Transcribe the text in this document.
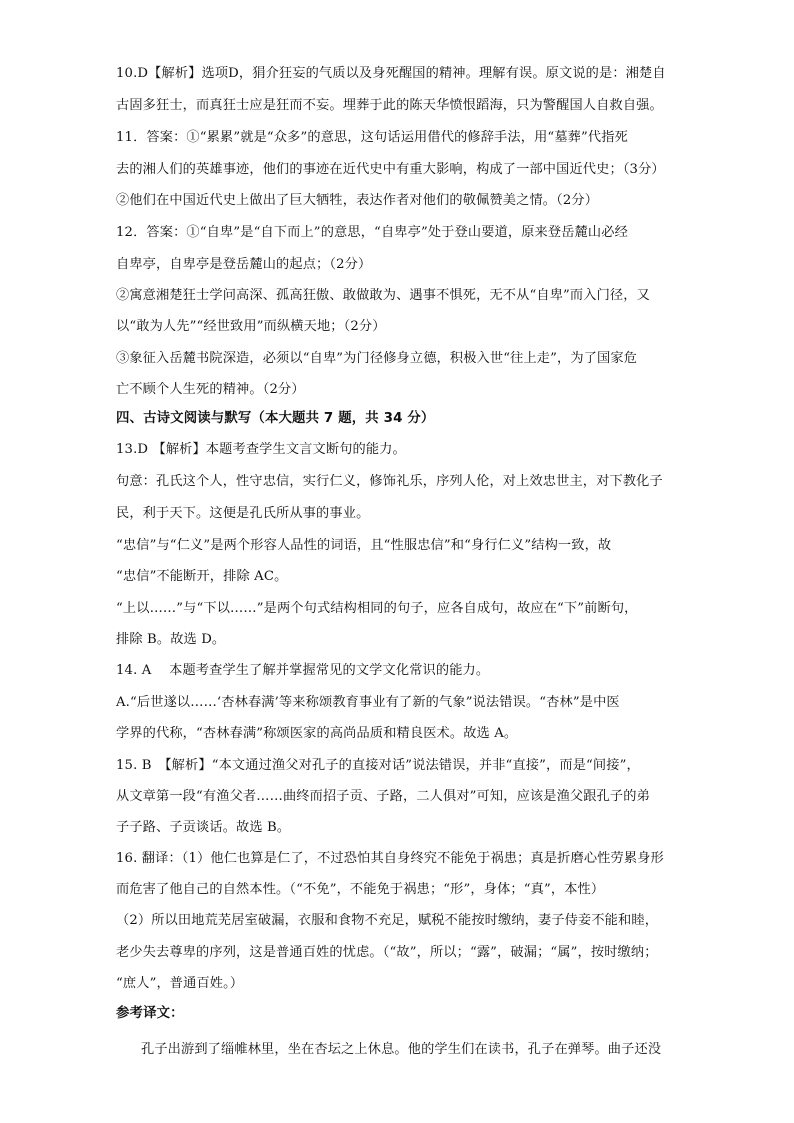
10.D【解析】选项D，狷介狂妄的气质以及身死醒国的精神。理解有误。原文说的是：湘楚自
古固多狂士，而真狂士应是狂而不妄。埋葬于此的陈天华愤恨蹈海，只为警醒国人自救自强。
11．答案：①“累累”就是“众多”的意思，这句话运用借代的修辞手法，用“墓葬”代指死
去的湘人们的英雄事迹，他们的事迹在近代史中有重大影响，构成了一部中国近代史；（3分）
②他们在中国近代史上做出了巨大牺牲，表达作者对他们的敬佩赞美之情。（2分）
12．答案：①“自卑”是“自下而上”的意思，“自卑亭”处于登山要道，原来登岳麓山必经
自卑亭，自卑亭是登岳麓山的起点；（2分）
②寓意湘楚狂士学问高深、孤高狂傲、敢做敢为、遇事不惧死，无不从“自卑”而入门径，又
以“敢为人先”“经世致用”而纵横天地；（2分）
③象征入岳麓书院深造，必须以“自卑”为门径修身立德，积极入世“往上走”，为了国家危
亡不顾个人生死的精神。（2分）
四、古诗文阅读与默写（本大题共 7 题，共 34 分）
13.D 【解析】本题考查学生文言文断句的能力。
句意：孔氏这个人，性守忠信，实行仁义，修饰礼乐，序列人伦，对上效忠世主，对下教化子
民，利于天下。这便是孔氏所从事的事业。
“忠信”与“仁义”是两个形容人品性的词语，且“性服忠信”和“身行仁义”结构一致，故
“忠信”不能断开，排除 AC。
“上以……”与“下以……”是两个句式结构相同的句子，应各自成句，故应在“下”前断句，
排除 B。故选 D。
14. A　 本题考查学生了解并掌握常见的文学文化常识的能力。
A.“后世遂以……‘杏林春满’等来称颂教育事业有了新的气象”说法错误。“杏林”是中医
学界的代称，“杏林春满”称颂医家的高尚品质和精良医术。故选 A。
15. B　【解析】“本文通过渔父对孔子的直接对话”说法错误，并非“直接”，而是“间接”，
从文章第一段“有渔父者……曲终而招子贡、子路，二人俱对”可知，应该是渔父跟孔子的弟
子子路、子贡谈话。故选 B。
16. 翻译：（1）他仁也算是仁了，不过恐怕其自身终究不能免于祸患；真是折磨心性劳累身形
而危害了他自己的自然本性。（“不免”，不能免于祸患；“形”，身体；“真”，本性）
（2）所以田地荒芜居室破漏，衣服和食物不充足，赋税不能按时缴纳，妻子侍妾不能和睦，
老少失去尊卑的序列，这是普通百姓的忧虑。（“故”，所以；“露”，破漏；“属”，按时缴纳；
“庶人”，普通百姓。）
参考译文：
孔子出游到了缁帷林里，坐在杏坛之上休息。他的学生们在读书，孔子在弹琴。曲子还没
